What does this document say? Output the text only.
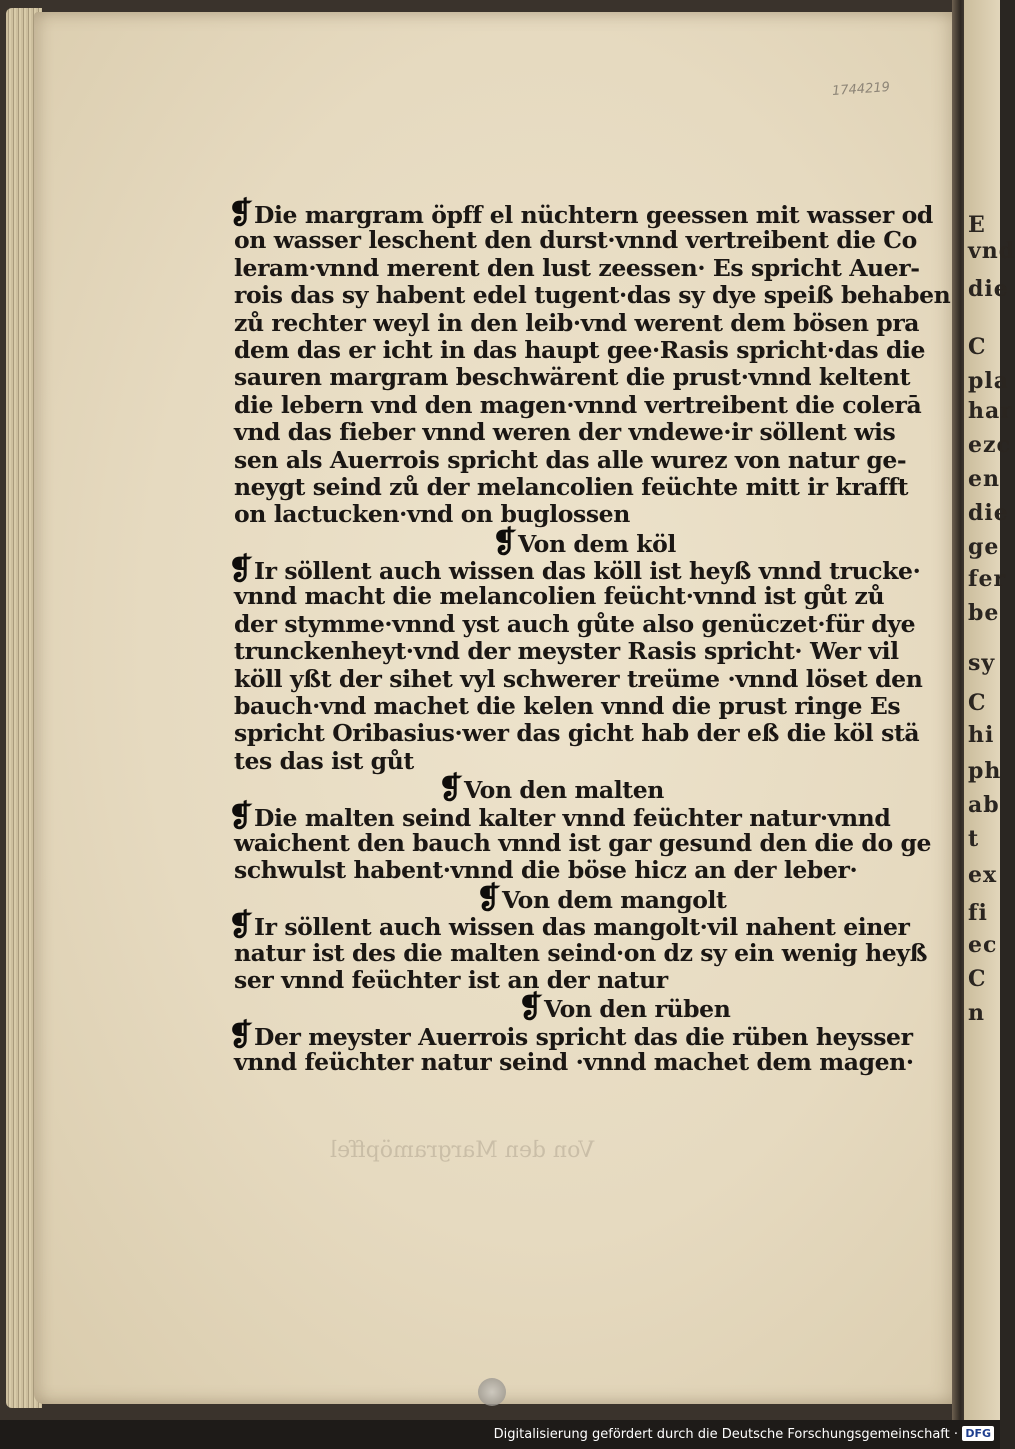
E
vnd
die
C
pla
har
ezc
en
die
ge
fer
be
sy
C
hi
ph
ab
t
ex
fi
ec
C
n
1744219
Von den Margramöpffel
❡Die margram öpff el nüchtern geessen mit wasser od
on wasser leschent den durst·vnnd vertreibent die Co
leram·vnnd merent den lust zeessen· Es spricht Auer-
rois das sy habent edel tugent·das sy dye speiß behaben
zů rechter weyl in den leib·vnd werent dem bösen pra
dem das er icht in das haupt gee·Rasis spricht·das die
sauren margram beschwärent die prust·vnnd keltent
die lebern vnd den magen·vnnd vertreibent die colerā
vnd das fieber vnnd weren der vndewe·ir söllent wis
sen als Auerrois spricht das alle wurez von natur ge-
neygt seind zů der melancolien feüchte mitt ir krafft
on lactucken·vnd on buglossen
❡Von dem köl
❡Ir söllent auch wissen das köll ist heyß vnnd trucke·
vnnd macht die melancolien feücht·vnnd ist gůt zů
der stymme·vnnd yst auch gůte also genüczet·für dye
trunckenheyt·vnd der meyster Rasis spricht· Wer vil
köll yßt der sihet vyl schwerer treüme ·vnnd löset den
bauch·vnd machet die kelen vnnd die prust ringe Es
spricht Oribasius·wer das gicht hab der eß die köl stä
tes das ist gůt
❡Von den malten
❡Die malten seind kalter vnnd feüchter natur·vnnd
waichent den bauch vnnd ist gar gesund den die do ge
schwulst habent·vnnd die böse hicz an der leber·
❡Von dem mangolt
❡Ir söllent auch wissen das mangolt·vil nahent einer
natur ist des die malten seind·on dz sy ein wenig heyß
ser vnnd feüchter ist an der natur
❡Von den rüben
❡Der meyster Auerrois spricht das die rüben heysser
vnnd feüchter natur seind ·vnnd machet dem magen·
Digitalisierung gefördert durch die Deutsche Forschungsgemeinschaft · DFG
